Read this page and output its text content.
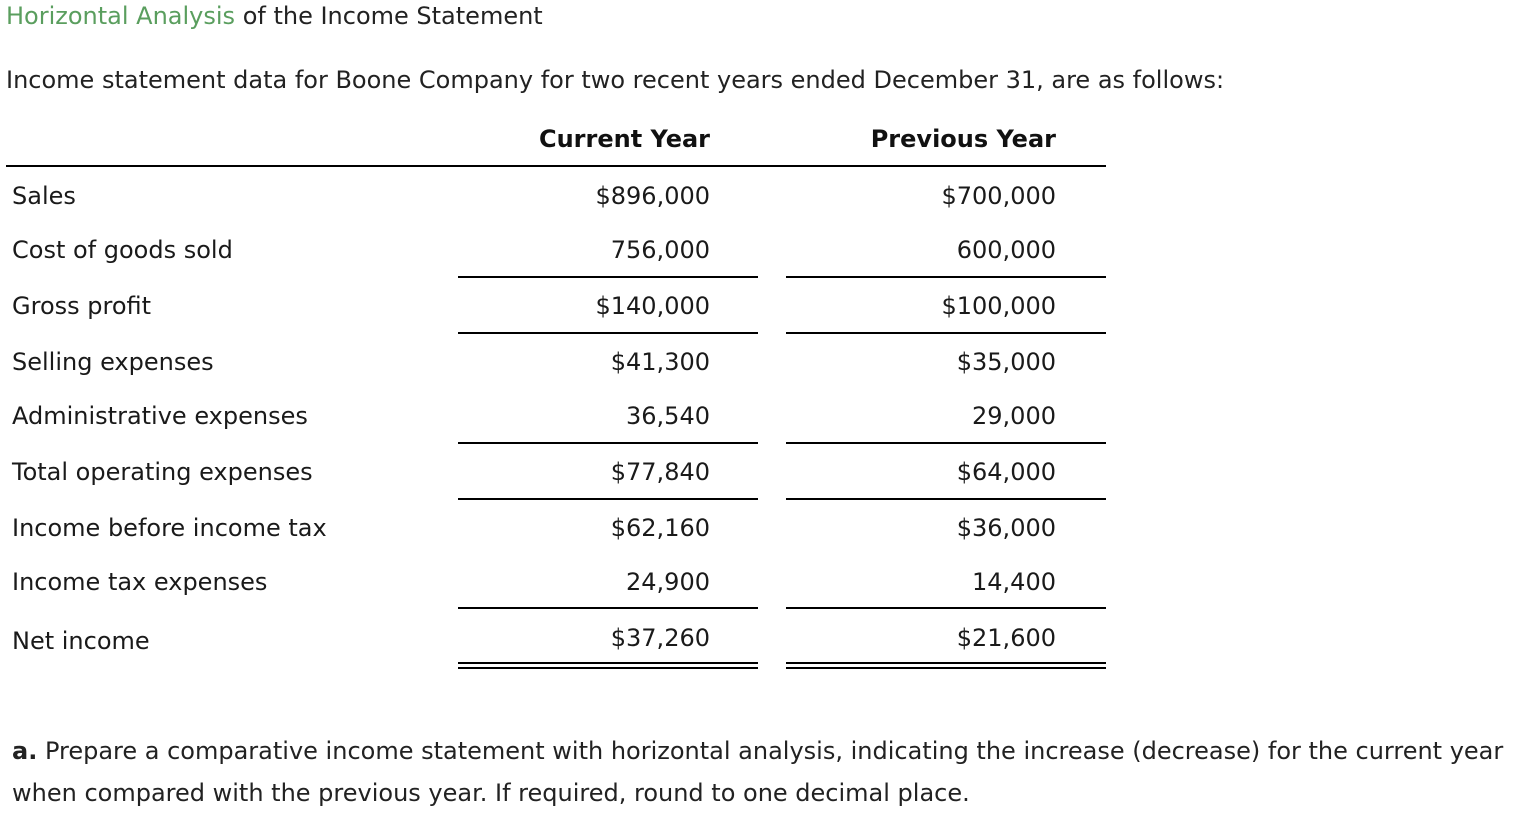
Horizontal Analysis of the Income Statement
Income statement data for Boone Company for two recent years ended December 31, are as follows:
Current Year	Previous Year
Sales	$896,000	$700,000
Cost of goods sold	756,000	600,000
Gross profit	$140,000	$100,000
Selling expenses	$41,300	$35,000
Administrative expenses	36,540	29,000
Total operating expenses	$77,840	$64,000
Income before income tax	$62,160	$36,000
Income tax expenses	24,900	14,400
Net income	$37,260	$21,600
a. Prepare a comparative income statement with horizontal analysis, indicating the increase (decrease) for the current year when compared with the previous year. If required, round to one decimal place.
